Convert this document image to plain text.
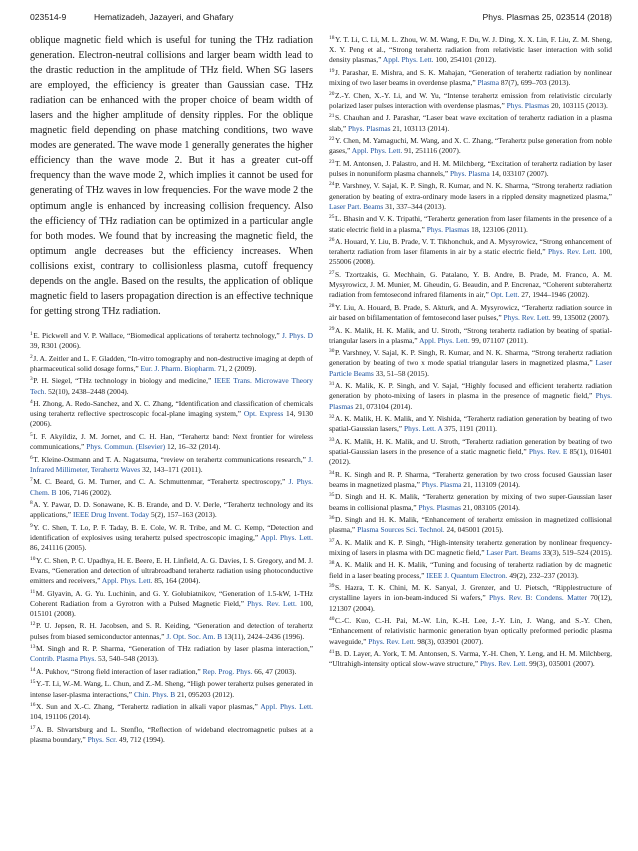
023514-9	Hematizadeh, Jazayeri, and Ghafary	Phys. Plasmas 25, 023514 (2018)

oblique magnetic field which is useful for tuning the THz radiation generation. Electron-neutral collisions and larger beam width lead to the drastic reduction in the amplitude of THz field. When SG lasers are employed, the efficiency is greater than Gaussian case. THz radiation can be enhanced with the proper choice of beam width of lasers and the higher amplitude of density ripples. For the oblique magnetic field depending on phase matching conditions, two wave modes are generated. The wave mode 1 generally generates the higher efficiency than the wave mode 2. But it has a greater cut-off frequency than the wave mode 2, which implies it cannot be used for generating of THz waves in low frequencies. For the wave mode 2 the optimum angle is enhanced by increasing collision frequency. Also the efficiency of THz radiation can be optimized in a particular angle for both modes. We found that by increasing the magnetic field, the optimum angle decreases but the efficiency increases. When collisions exist, contrary to collisionless plasma, cutoff frequency depends on the angle. Based on the results, the application of oblique magnetic field to lasers propagation direction is an effective technique for getting strong THz radiation.

$^1$E. Pickwell and V. P. Wallace, “Biomedical applications of terahertz technology,” J. Phys. D 39, R301 (2006).

$^2$J. A. Zeitler and L. F. Gladden, “In-vitro tomography and non-destructive imaging at depth of pharmaceutical solid dosage forms,” Eur. J. Pharm. Biopharm. 71, 2 (2009).

$^3$P. H. Siegel, “THz technology in biology and medicine,” IEEE Trans. Microwave Theory Tech. 52(10), 2438–2448 (2004).

$^4$H. Zhong, A. Redo-Sanchez, and X. C. Zhang, “Identification and classification of chemicals using terahertz reflective spectroscopic focal-plane imaging system,” Opt. Express 14, 9130 (2006).

$^5$I. F. Akyildiz, J. M. Jornet, and C. H. Han, “Terahertz band: Next frontier for wireless communications,” Phys. Commun. (Elsevier) 12, 16–32 (2014).

$^6$T. Kleine-Ostmann and T. A. Nagatsuma, “review on terahertz communications research,” J. Infrared Millimeter, Terahertz Waves 32, 143–171 (2011).

$^7$M. C. Beard, G. M. Turner, and C. A. Schmuttenmar, “Terahertz spectroscopy,” J. Phys. Chem. B 106, 7146 (2002).

$^8$A. Y. Pawar, D. D. Sonawane, K. B. Erande, and D. V. Derle, “Terahertz technology and its applications,” IEEE Drug Invent. Today 5(2), 157–163 (2013).

$^9$Y. C. Shen, T. Lo, P. F. Taday, B. E. Cole, W. R. Tribe, and M. C. Kemp, “Detection and identification of explosives using terahertz pulsed spectroscopic imaging,” Appl. Phys. Lett. 86, 241116 (2005).

$^{10}$Y. C. Shen, P. C. Upadhya, H. E. Beere, E. H. Linfield, A. G. Davies, I. S. Gregory, and M. J. Evans, “Generation and detection of ultrabroadband terahertz radiation using photoconductive emitters and receivers,” Appl. Phys. Lett. 85, 164 (2004).

$^{11}$M. Glyavin, A. G. Yu. Luchinin, and G. Y. Golubiatnikov, “Generation of 1.5-kW, 1-THz Coherent Radiation from a Gyrotron with a Pulsed Magnetic Field,” Phys. Rev. Lett. 100, 015101 (2008).

$^{12}$P. U. Jepsen, R. H. Jacobsen, and S. R. Keiding, “Generation and detection of terahertz pulses from biased semiconductor antennas,” J. Opt. Soc. Am. B 13(11), 2424–2436 (1996).

$^{13}$M. Singh and R. P. Sharma, “Generation of THz radiation by laser plasma interaction,” Contrib. Plasma Phys. 53, 540–548 (2013).

$^{14}$A. Pukhov, “Strong field interaction of laser radiation,” Rep. Prog. Phys. 66, 47 (2003).

$^{15}$Y.-T. Li, W.-M. Wang, L. Chun, and Z.-M. Sheng, “High power terahertz pulses generated in intense laser-plasma interactions,” Chin. Phys. B 21, 095203 (2012).

$^{16}$X. Sun and X.-C. Zhang, “Terahertz radiation in alkali vapor plasmas,” Appl. Phys. Lett. 104, 191106 (2014).

$^{17}$A. B. Shvartsburg and L. Stenflo, “Reflection of wideband electromagnetic pulses at a plasma boundary,” Phys. Scr. 49, 712 (1994).

$^{18}$Y. T. Li, C. Li, M. L. Zhou, W. M. Wang, F. Du, W. J. Ding, X. X. Lin, F. Liu, Z. M. Sheng, X. Y. Peng et al., “Strong terahertz radiation from relativistic laser interaction with solid density plasmas,” Appl. Phys. Lett. 100, 254101 (2012).

$^{19}$J. Parashar, E. Mishra, and S. K. Mahajan, “Generation of terahertz radiation by nonlinear mixing of two laser beams in overdense plasma,” Plasma 87(7), 699–703 (2013).

$^{20}$Z.-Y. Chen, X.-Y. Li, and W. Yu, “Intense terahertz emission from relativistic circularly polarized laser pulses interaction with overdense plasmas,” Phys. Plasmas 20, 103115 (2013).

$^{21}$S. Chauhan and J. Parashar, “Laser beat wave excitation of terahertz radiation in a plasma slab,” Phys. Plasmas 21, 103113 (2014).

$^{22}$Y. Chen, M. Yamaguchi, M. Wang, and X. C. Zhang, “Terahertz pulse generation from noble gases,” Appl. Phys. Lett. 91, 251116 (2007).

$^{23}$T. M. Antonsen, J. Palastro, and H. M. Milchberg, “Excitation of terahertz radiation by laser pulses in nonuniform plasma channels,” Phys. Plasma 14, 033107 (2007).

$^{24}$P. Varshney, V. Sajal, K. P. Singh, R. Kumar, and N. K. Sharma, “Strong terahertz radiation generation by beating of extra-ordinary mode lasers in a rippled density magnetized plasma,” Laser Part. Beams 31, 337–344 (2013).

$^{25}$L. Bhasin and V. K. Tripathi, “Terahertz generation from laser filaments in the presence of a static electric field in a plasma,” Phys. Plasmas 18, 123106 (2011).

$^{26}$A. Houard, Y. Liu, B. Prade, V. T. Tikhonchuk, and A. Mysyrowicz, “Strong enhancement of terahertz radiation from laser filaments in air by a static electric field,” Phys. Rev. Lett. 100, 255006 (2008).

$^{27}$S. Tzortzakis, G. Mechhain, G. Patalano, Y. B. Andre, B. Prade, M. Franco, A. M. Mysyrowicz, J. M. Munier, M. Gheudin, G. Beaudin, and P. Encrenaz, “Coherent subterahertz radiation from femtosecond infrared filaments in air,” Opt. Lett. 27, 1944–1946 (2002).

$^{28}$Y. Liu, A. Houard, B. Prade, S. Akturk, and A. Mysyrowicz, “Terahertz radiation source in air based on bifilamentation of femtosecond laser pulses,” Phys. Rev. Lett. 99, 135002 (2007).

$^{29}$A. K. Malik, H. K. Malik, and U. Stroth, “Strong terahertz radiation by beating of spatial-triangular lasers in a plasma,” Appl. Phys. Lett. 99, 071107 (2011).

$^{30}$P. Varshney, V. Sajal, K. P. Singh, R. Kumar, and N. K. Sharma, “Strong terahertz radiation generation by beating of two x mode spatial triangular lasers in magnetized plasma,” Laser Particle Beams 33, 51–58 (2015).

$^{31}$A. K. Malik, K. P. Singh, and V. Sajal, “Highly focused and efficient terahertz radiation generation by photo-mixing of lasers in plasma in the presence of magnetic field,” Phys. Plasmas 21, 073104 (2014).

$^{32}$A. K. Malik, H. K. Malik, and Y. Nishida, “Terahertz radiation generation by beating of two spatial-Gaussian lasers,” Phys. Lett. A 375, 1191 (2011).

$^{33}$A. K. Malik, H. K. Malik, and U. Stroth, “Terahertz radiation generation by beating of two spatial-Gaussian lasers in the presence of a static magnetic field,” Phys. Rev. E 85(1), 016401 (2012).

$^{34}$R. K. Singh and R. P. Sharma, “Terahertz generation by two cross focused Gaussian laser beams in magnetized plasma,” Phys. Plasma 21, 113109 (2014).

$^{35}$D. Singh and H. K. Malik, “Terahertz generation by mixing of two super-Gaussian laser beams in collisional plasma,” Phys. Plasmas 21, 083105 (2014).

$^{36}$D. Singh and H. K. Malik, “Enhancement of terahertz emission in magnetized collisional plasma,” Plasma Sources Sci. Technol. 24, 045001 (2015).

$^{37}$A. K. Malik and K. P. Singh, “High-intensity terahertz generation by nonlinear frequency-mixing of lasers in plasma with DC magnetic field,” Laser Part. Beams 33(3), 519–524 (2015).

$^{38}$A. K. Malik and H. K. Malik, “Tuning and focusing of terahertz radiation by dc magnetic field in a laser beating process,” IEEE J. Quantum Electron. 49(2), 232–237 (2013).

$^{39}$S. Hazra, T. K. Chini, M. K. Sanyal, J. Grenzer, and U. Pietsch, “Ripplestructure of crystalline layers in ion-beam-induced Si wafers,” Phys. Rev. B: Condens. Matter 70(12), 121307 (2004).

$^{40}$C.-C. Kuo, C.-H. Pai, M.-W. Lin, K.-H. Lee, J.-Y. Lin, J. Wang, and S.-Y. Chen, “Enhancement of relativistic harmonic generation byan optically preformed periodic plasma waveguide,” Phys. Rev. Lett. 98(3), 033901 (2007).

$^{41}$B. D. Layer, A. York, T. M. Antonsen, S. Varma, Y.-H. Chen, Y. Leng, and H. M. Milchberg, “Ultrahigh-intensity optical slow-wave structure,” Phys. Rev. Lett. 99(3), 035001 (2007).
